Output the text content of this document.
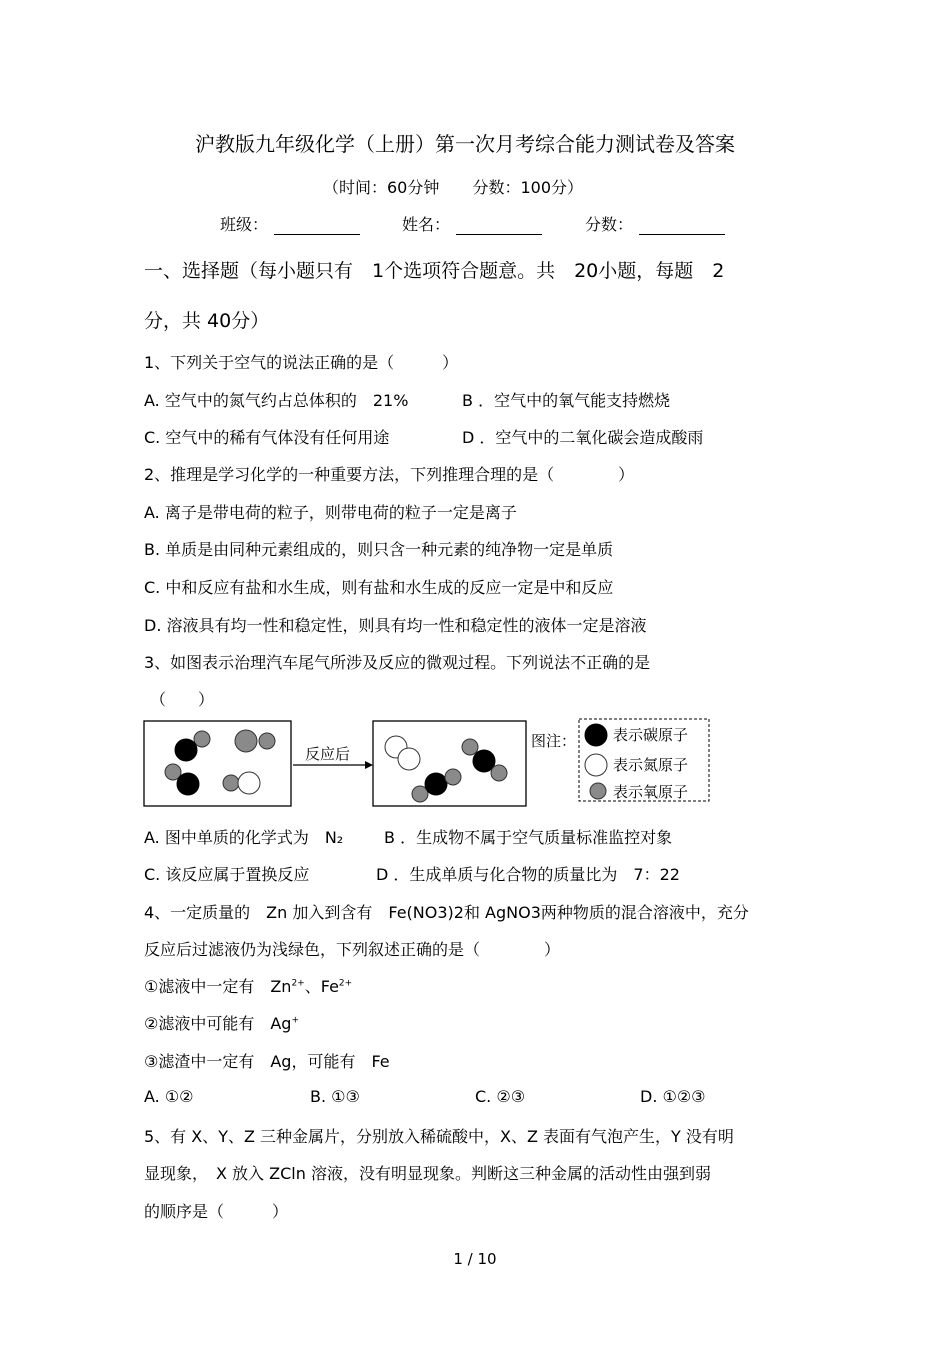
沪教版九年级化学（上册）第一次月考综合能力测试卷及答案
（时间：60分钟 分数：100分）
班级：	姓名：	分数：
一、选择题（每小题只有　1个选项符合题意。共　20小题，每题　2
分，共 40分）
1、下列关于空气的说法正确的是（　　　）
A. 空气中的氮气约占总体积的　21%	B ．空气中的氧气能支持燃烧
C. 空气中的稀有气体没有任何用途	D ．空气中的二氧化碳会造成酸雨
2、推理是学习化学的一种重要方法，下列推理合理的是（　　　　）
A. 离子是带电荷的粒子，则带电荷的粒子一定是离子
B. 单质是由同种元素组成的，则只含一种元素的纯净物一定是单质
C. 中和反应有盐和水生成，则有盐和水生成的反应一定是中和反应
D. 溶液具有均一性和稳定性，则具有均一性和稳定性的液体一定是溶液
3、如图表示治理汽车尾气所涉及反应的微观过程。下列说法不正确的是
（　　）
反应后
图注： 表示碳原子
表示氮原子
表示氧原子
A. 图中单质的化学式为　N₂	B ．生成物不属于空气质量标准监控对象
C. 该反应属于置换反应	D ．生成单质与化合物的质量比为　7：22
4、一定质量的　Zn 加入到含有　Fe(NO3)2和 AgNO3两种物质的混合溶液中，充分
反应后过滤液仍为浅绿色，下列叙述正确的是（　　　　）
①滤液中一定有　$Zn^{2+}$、$Fe^{2+}$
②滤液中可能有　Ag+
③滤渣中一定有　Ag，可能有　Fe
A. ①②	B. ①③	C. ②③	D. ①②③
5、有 X、Y、Z 三种金属片，分别放入稀硫酸中，X、Z 表面有气泡产生，Y 没有明
显现象，　X 放入 ZCln 溶液，没有明显现象。判断这三种金属的活动性由强到弱
的顺序是（　　　）
1 / 10
